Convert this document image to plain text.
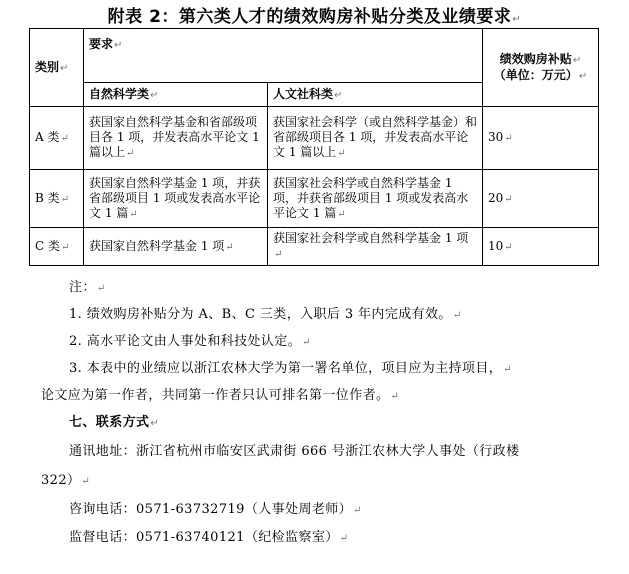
附表 2：第六类人才的绩效购房补贴分类及业绩要求↵
类别↵	要求↵		绩效购房补贴↵
（单位：万元）↵
	自然科学类↵	人文社科类↵	
A 类↵	获国家自然科学基金和省部级项目各 1 项，并发表高水平论文 1 篇以上↵	获国家社会科学（或自然科学基金）和省部级项目各 1 项，并发表高水平论文 1 篇以上↵	30↵
B 类↵	获国家自然科学基金 1 项，并获省部级项目 1 项或发表高水平论文 1 篇↵	获国家社会科学或自然科学基金 1 项，并获省部级项目 1 项或发表高水平论文 1 篇↵	20↵
C 类↵	获国家自然科学基金 1 项↵	获国家社会科学或自然科学基金 1 项↵	10↵
注：↵
1. 绩效购房补贴分为 A、B、C 三类，入职后 3 年内完成有效。↵
2. 高水平论文由人事处和科技处认定。↵
3. 本表中的业绩应以浙江农林大学为第一署名单位，项目应为主持项目，↵
论文应为第一作者，共同第一作者只认可排名第一位作者。↵
七、联系方式↵
通讯地址：浙江省杭州市临安区武肃街 666 号浙江农林大学人事处（行政楼
322）↵
咨询电话：0571-63732719（人事处周老师）↵
监督电话：0571-63740121（纪检监察室）↵
